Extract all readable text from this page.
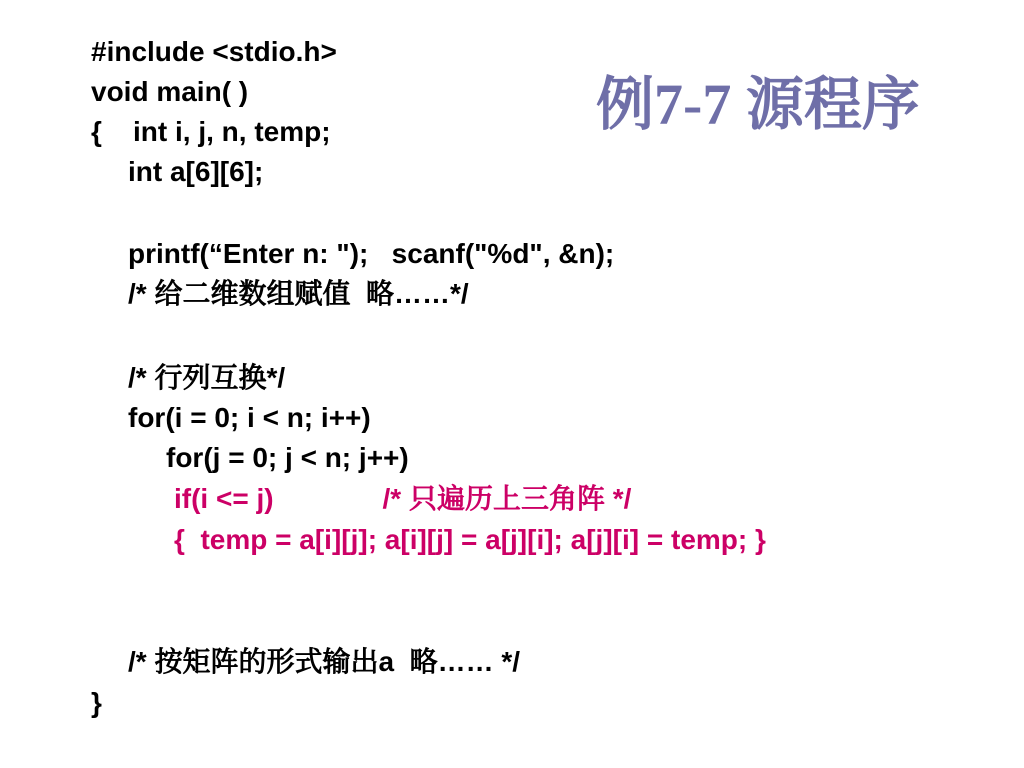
例7-7 源程序
#include <stdio.h>
void main( )
{    int i, j, n, temp;
int a[6][6];
printf(“Enter n: ");   scanf("%d", &n);
/* 给二维数组赋值  略……*/
/* 行列互换*/
for(i = 0; i < n; i++)
for(j = 0; j < n; j++)
if(i <= j)              /* 只遍历上三角阵 */
{  temp = a[i][j]; a[i][j] = a[j][i]; a[j][i] = temp; }
/* 按矩阵的形式输出a  略…… */
}
